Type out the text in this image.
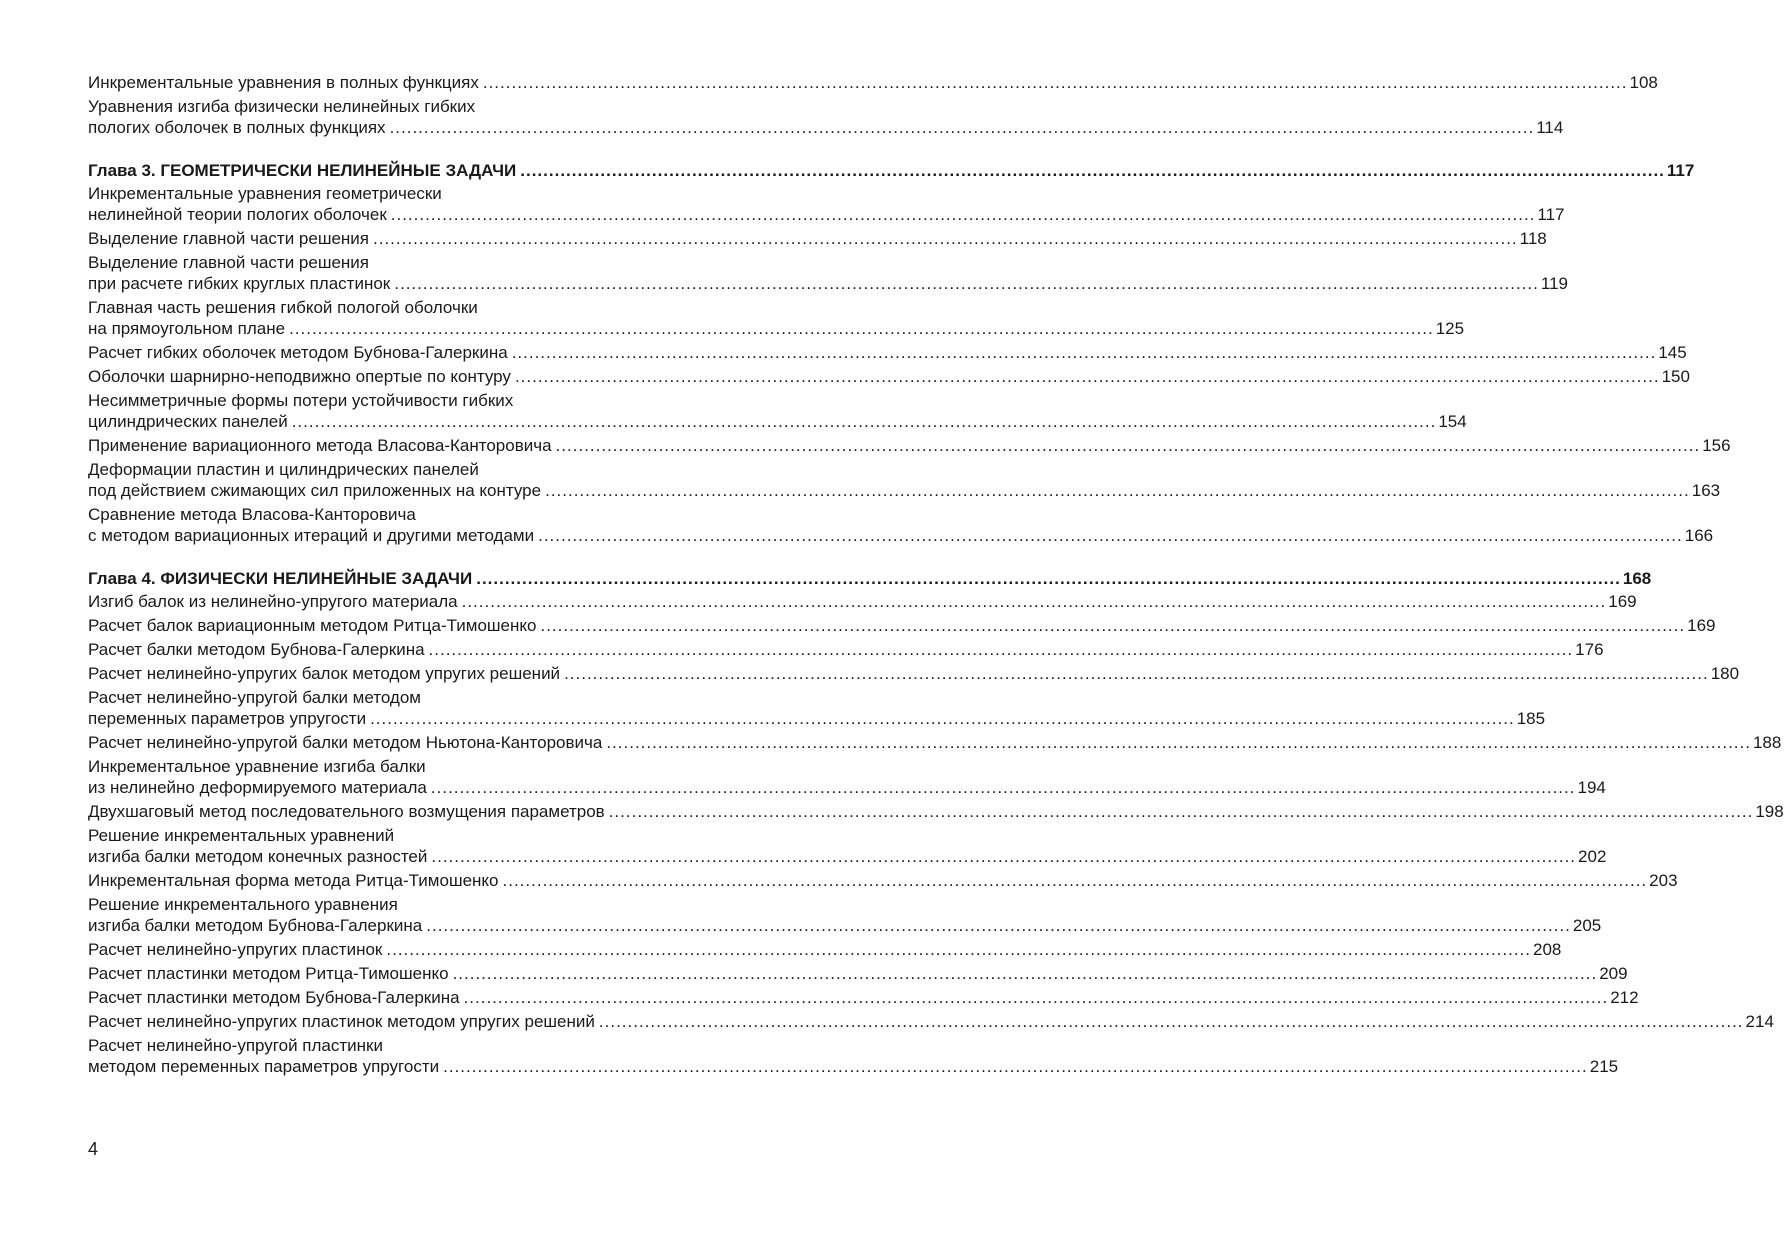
Инкрементальные уравнения в полных функциях ........................................................................................................................................................................................................ 108
Уравнения изгиба физически нелинейных гибких
пологих оболочек в полных функциях ........................................................................................................................................................................................................ 114
Глава 3. ГЕОМЕТРИЧЕСКИ НЕЛИНЕЙНЫЕ ЗАДАЧИ ........................................................................................................................................................................................................ 117
Инкрементальные уравнения геометрически
нелинейной теории пологих оболочек ........................................................................................................................................................................................................ 117
Выделение главной части решения ........................................................................................................................................................................................................ 118
Выделение главной части решения
при расчете гибких круглых пластинок ........................................................................................................................................................................................................ 119
Главная часть решения гибкой пологой оболочки
на прямоугольном плане ........................................................................................................................................................................................................ 125
Расчет гибких оболочек методом Бубнова-Галеркина ........................................................................................................................................................................................................ 145
Оболочки шарнирно-неподвижно опертые по контуру ........................................................................................................................................................................................................ 150
Несимметричные формы потери устойчивости гибких
цилиндрических панелей ........................................................................................................................................................................................................ 154
Применение вариационного метода Власова-Канторовича ........................................................................................................................................................................................................ 156
Деформации пластин и цилиндрических панелей
под действием сжимающих сил приложенных на контуре ........................................................................................................................................................................................................ 163
Сравнение метода Власова-Канторовича
с методом вариационных итераций и другими методами ........................................................................................................................................................................................................ 166
Глава 4. ФИЗИЧЕСКИ НЕЛИНЕЙНЫЕ ЗАДАЧИ ........................................................................................................................................................................................................ 168
Изгиб балок из нелинейно-упругого материала ........................................................................................................................................................................................................ 169
Расчет балок вариационным методом Ритца-Тимошенко ........................................................................................................................................................................................................ 169
Расчет балки методом Бубнова-Галеркина ........................................................................................................................................................................................................ 176
Расчет нелинейно-упругих балок методом упругих решений ........................................................................................................................................................................................................ 180
Расчет нелинейно-упругой балки методом
переменных параметров упругости ........................................................................................................................................................................................................ 185
Расчет нелинейно-упругой балки методом Ньютона-Канторовича ........................................................................................................................................................................................................ 188
Инкрементальное уравнение изгиба балки
из нелинейно деформируемого материала ........................................................................................................................................................................................................ 194
Двухшаговый метод последовательного возмущения параметров ........................................................................................................................................................................................................ 198
Решение инкрементальных уравнений
изгиба балки методом конечных разностей ........................................................................................................................................................................................................ 202
Инкрементальная форма метода Ритца-Тимошенко ........................................................................................................................................................................................................ 203
Решение инкрементального уравнения
изгиба балки методом Бубнова-Галеркина ........................................................................................................................................................................................................ 205
Расчет нелинейно-упругих пластинок ........................................................................................................................................................................................................ 208
Расчет пластинки методом Ритца-Тимошенко ........................................................................................................................................................................................................ 209
Расчет пластинки методом Бубнова-Галеркина ........................................................................................................................................................................................................ 212
Расчет нелинейно-упругих пластинок методом упругих решений ........................................................................................................................................................................................................ 214
Расчет нелинейно-упругой пластинки
методом переменных параметров упругости ........................................................................................................................................................................................................ 215
4
